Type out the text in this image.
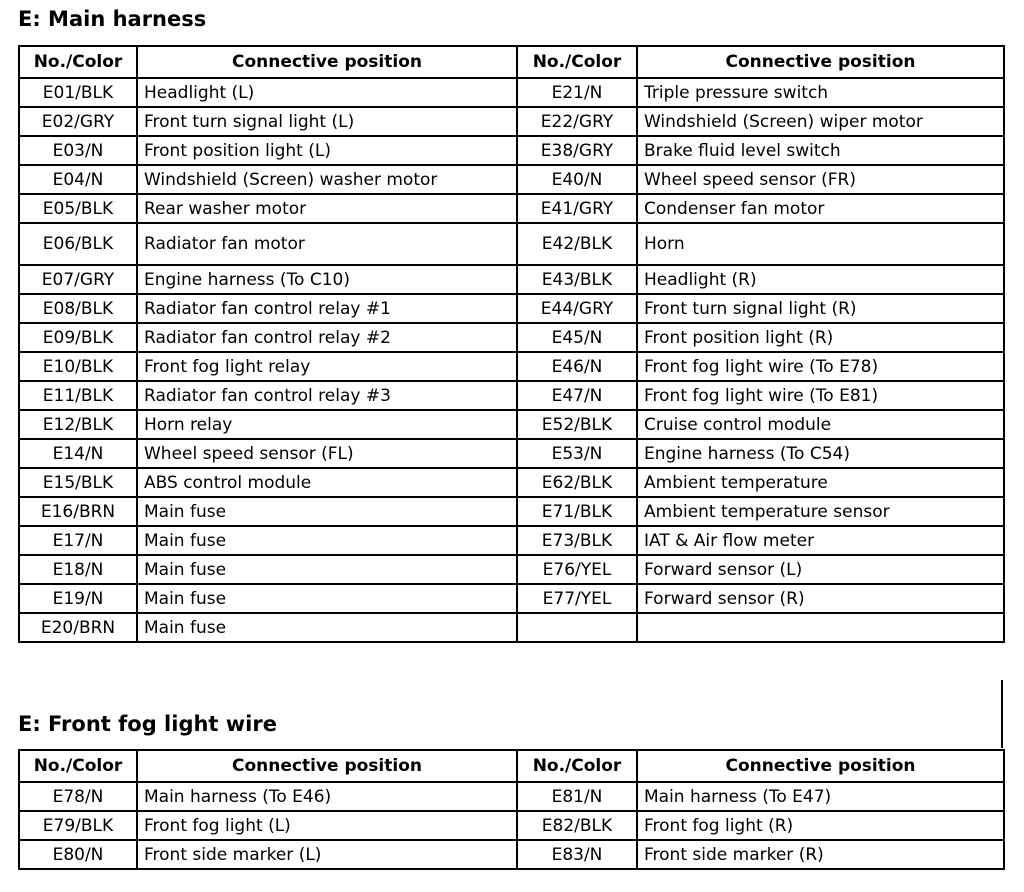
E: Main harness
No./Color	Connective position	No./Color	Connective position
E01/BLK	Headlight (L)	E21/N	Triple pressure switch
E02/GRY	Front turn signal light (L)	E22/GRY	Windshield (Screen) wiper motor
E03/N	Front position light (L)	E38/GRY	Brake fluid level switch
E04/N	Windshield (Screen) washer motor	E40/N	Wheel speed sensor (FR)
E05/BLK	Rear washer motor	E41/GRY	Condenser fan motor
E06/BLK	Radiator fan motor	E42/BLK	Horn
E07/GRY	Engine harness (To C10)	E43/BLK	Headlight (R)
E08/BLK	Radiator fan control relay #1	E44/GRY	Front turn signal light (R)
E09/BLK	Radiator fan control relay #2	E45/N	Front position light (R)
E10/BLK	Front fog light relay	E46/N	Front fog light wire (To E78)
E11/BLK	Radiator fan control relay #3	E47/N	Front fog light wire (To E81)
E12/BLK	Horn relay	E52/BLK	Cruise control module
E14/N	Wheel speed sensor (FL)	E53/N	Engine harness (To C54)
E15/BLK	ABS control module	E62/BLK	Ambient temperature
E16/BRN	Main fuse	E71/BLK	Ambient temperature sensor
E17/N	Main fuse	E73/BLK	IAT & Air flow meter
E18/N	Main fuse	E76/YEL	Forward sensor (L)
E19/N	Main fuse	E77/YEL	Forward sensor (R)
E20/BRN	Main fuse		
E: Front fog light wire
No./Color	Connective position	No./Color	Connective position
E78/N	Main harness (To E46)	E81/N	Main harness (To E47)
E79/BLK	Front fog light (L)	E82/BLK	Front fog light (R)
E80/N	Front side marker (L)	E83/N	Front side marker (R)
